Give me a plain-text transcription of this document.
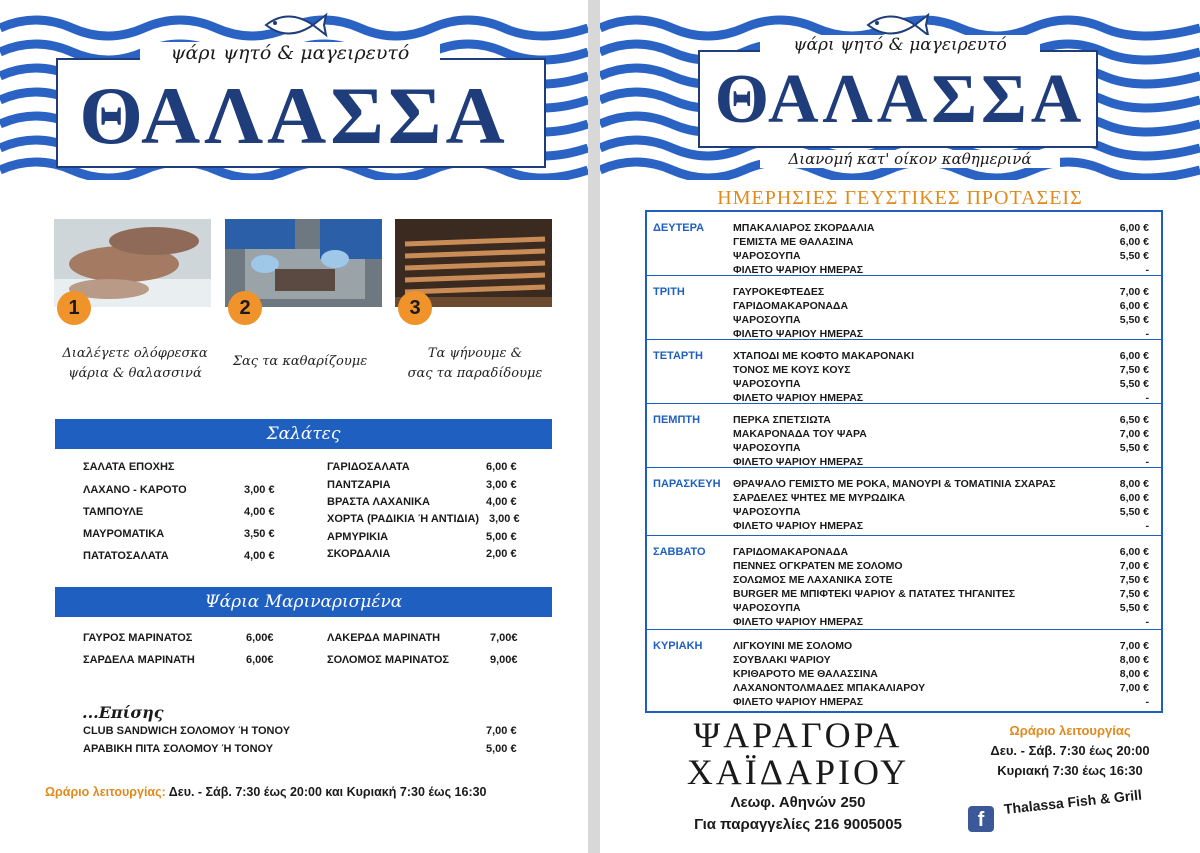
ψάρι ψητό & μαγειρευτό
ΘΑΛΑΣΣΑ
1	2	3
Διαλέγετε ολόφρεσκα
ψάρια & θαλασσινά
Σας τα καθαρίζουμε
Τα ψήνουμε &
σας τα παραδίδουμε
Σαλάτες
ΣΑΛΑΤΑ ΕΠΟΧΗΣ
ΛΑΧΑΝΟ - ΚΑΡΟΤΟ	3,00 €
ΤΑΜΠΟΥΛΕ	4,00 €
ΜΑΥΡΟΜΑΤΙΚΑ	3,50 €
ΠΑΤΑΤΟΣΑΛΑΤΑ	4,00 €
ΓΑΡΙΔΟΣΑΛΑΤΑ	6,00 €
ΠΑΝΤΖΑΡΙΑ	3,00 €
ΒΡΑΣΤΑ ΛΑΧΑΝΙΚΑ	4,00 €
ΧΟΡΤΑ (ΡΑΔΙΚΙΑ Ή ΑΝΤΙΔΙΑ) 3,00 €
ΑΡΜΥΡΙΚΙΑ	5,00 €
ΣΚΟΡΔΑΛΙΑ	2,00 €
Ψάρια Μαριναρισμένα
ΓΑΥΡΟΣ ΜΑΡΙΝΑΤΟΣ	6,00€
ΣΑΡΔΕΛΑ ΜΑΡΙΝΑΤΗ	6,00€
ΛΑΚΕΡΔΑ ΜΑΡΙΝΑΤΗ	7,00€
ΣΟΛΟΜΟΣ ΜΑΡΙΝΑΤΟΣ	9,00€
...Επίσης
CLUB SANDWICH ΣΟΛΟΜΟΥ Ή ΤΟΝΟΥ	7,00 €
ΑΡΑΒΙΚΗ ΠΙΤΑ ΣΟΛΟΜΟΥ Ή ΤΟΝΟΥ	5,00 €
Ωράριο λειτουργίας: Δευ. - Σάβ. 7:30 έως 20:00 και Κυριακή 7:30 έως 16:30
ψάρι ψητό & μαγειρευτό
ΘΑΛΑΣΣΑ
Διανομή κατ' οίκον καθημερινά
ΗΜΕΡΗΣΙΕΣ ΓΕΥΣΤΙΚΕΣ ΠΡΟΤΑΣΕΙΣ
ΔΕΥΤΕΡΑ	ΜΠΑΚΑΛΙΑΡΟΣ ΣΚΟΡΔΑΛΙΑ	6,00 €
ΓΕΜΙΣΤΑ ΜΕ ΘΑΛΑΣΙΝΑ	6,00 €
ΨΑΡΟΣΟΥΠΑ	5,50 €
ΦΙΛΕΤΟ ΨΑΡΙΟΥ ΗΜΕΡΑΣ	-
ΤΡΙΤΗ	ΓΑΥΡΟΚΕΦΤΕΔΕΣ	7,00 €
ΓΑΡΙΔΟΜΑΚΑΡΟΝΑΔΑ	6,00 €
ΨΑΡΟΣΟΥΠΑ	5,50 €
ΦΙΛΕΤΟ ΨΑΡΙΟΥ ΗΜΕΡΑΣ	-
ΤΕΤΑΡΤΗ	ΧΤΑΠΟΔΙ ΜΕ ΚΟΦΤΟ ΜΑΚΑΡΟΝΑΚΙ	6,00 €
ΤΟΝΟΣ ΜΕ ΚΟΥΣ ΚΟΥΣ	7,50 €
ΨΑΡΟΣΟΥΠΑ	5,50 €
ΦΙΛΕΤΟ ΨΑΡΙΟΥ ΗΜΕΡΑΣ	-
ΠΕΜΠΤΗ	ΠΕΡΚΑ ΣΠΕΤΣΙΩΤΑ	6,50 €
ΜΑΚΑΡΟΝΑΔΑ ΤΟΥ ΨΑΡΑ	7,00 €
ΨΑΡΟΣΟΥΠΑ	5,50 €
ΦΙΛΕΤΟ ΨΑΡΙΟΥ ΗΜΕΡΑΣ	-
ΠΑΡΑΣΚΕΥΗ ΘΡΑΨΑΛΟ ΓΕΜΙΣΤΟ ΜΕ ΡΟΚΑ, ΜΑΝΟΥΡΙ & ΤΟΜΑΤΙΝΙΑ ΣΧΑΡΑΣ	8,00 €
ΣΑΡΔΕΛΕΣ ΨΗΤΕΣ ΜΕ ΜΥΡΩΔΙΚΑ	6,00 €
ΨΑΡΟΣΟΥΠΑ	5,50 €
ΦΙΛΕΤΟ ΨΑΡΙΟΥ ΗΜΕΡΑΣ	-
ΣΑΒΒΑΤΟ	ΓΑΡΙΔΟΜΑΚΑΡΟΝΑΔΑ	6,00 €
ΠΕΝΝΕΣ ΟΓΚΡΑΤΕΝ ΜΕ ΣΟΛΟΜΟ	7,00 €
ΣΟΛΩΜΟΣ ΜΕ ΛΑΧΑΝΙΚΑ ΣΟΤΕ	7,50 €
BURGER ΜΕ ΜΠΙΦΤΕΚΙ ΨΑΡΙΟΥ & ΠΑΤΑΤΕΣ ΤΗΓΑΝΙΤΕΣ	7,50 €
ΨΑΡΟΣΟΥΠΑ	5,50 €
ΦΙΛΕΤΟ ΨΑΡΙΟΥ ΗΜΕΡΑΣ	-
ΚΥΡΙΑΚΗ	ΛΙΓΚΟΥΙΝΙ ΜΕ ΣΟΛΟΜΟ	7,00 €
ΣΟΥΒΛΑΚΙ ΨΑΡΙΟΥ	8,00 €
ΚΡΙΘΑΡΟΤΟ ΜΕ ΘΑΛΑΣΣΙΝΑ	8,00 €
ΛΑΧΑΝΟΝΤΟΛΜΑΔΕΣ ΜΠΑΚΑΛΙΑΡΟΥ	7,00 €
ΦΙΛΕΤΟ ΨΑΡΙΟΥ ΗΜΕΡΑΣ	-
ΨΑΡΑΓΟΡΑ
ΧΑΪΔΑΡΙΟΥ
Λεωφ. Αθηνών 250
Για παραγγελίες 216 9005005
Ωράριο λειτουργίας
Δευ. - Σάβ. 7:30 έως 20:00
Κυριακή 7:30 έως 16:30
f
Thalassa Fish & Grill
